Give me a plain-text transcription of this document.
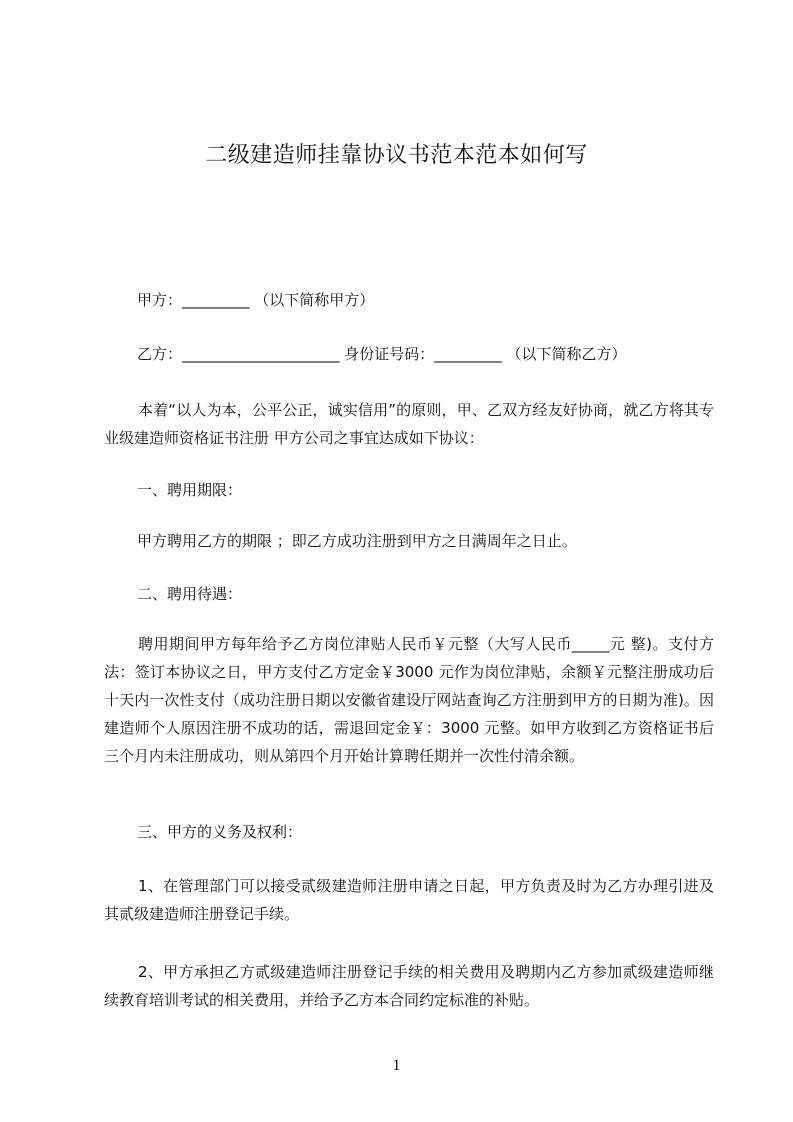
二级建造师挂靠协议书范本范本如何写
甲方：_________ （以下简称甲方）
乙方：_____________________ 身份证号码：_________ （以下简称乙方）
本着“以人为本，公平公正，诚实信用”的原则，甲、乙双方经友好协商，就乙方将其专业级建造师资格证书注册 甲方公司之事宜达成如下协议：
一、聘用期限：
甲方聘用乙方的期限 ；即乙方成功注册到甲方之日满周年之日止。
二、聘用待遇：
聘用期间甲方每年给予乙方岗位津贴人民币￥元整（大写人民币_____元 整)。支付方法：签订本协议之日，甲方支付乙方定金￥3000 元作为岗位津贴，余额￥元整注册成功后十天内一次性支付（成功注册日期以安徽省建设厅网站查询乙方注册到甲方的日期为准)。因建造师个人原因注册不成功的话，需退回定金￥：3000 元整。如甲方收到乙方资格证书后三个月内未注册成功，则从第四个月开始计算聘任期并一次性付清余额。
三、甲方的义务及权利：
1、在管理部门可以接受贰级建造师注册申请之日起，甲方负责及时为乙方办理引进及其贰级建造师注册登记手续。
2、甲方承担乙方贰级建造师注册登记手续的相关费用及聘期内乙方参加贰级建造师继续教育培训考试的相关费用，并给予乙方本合同约定标准的补贴。
1
